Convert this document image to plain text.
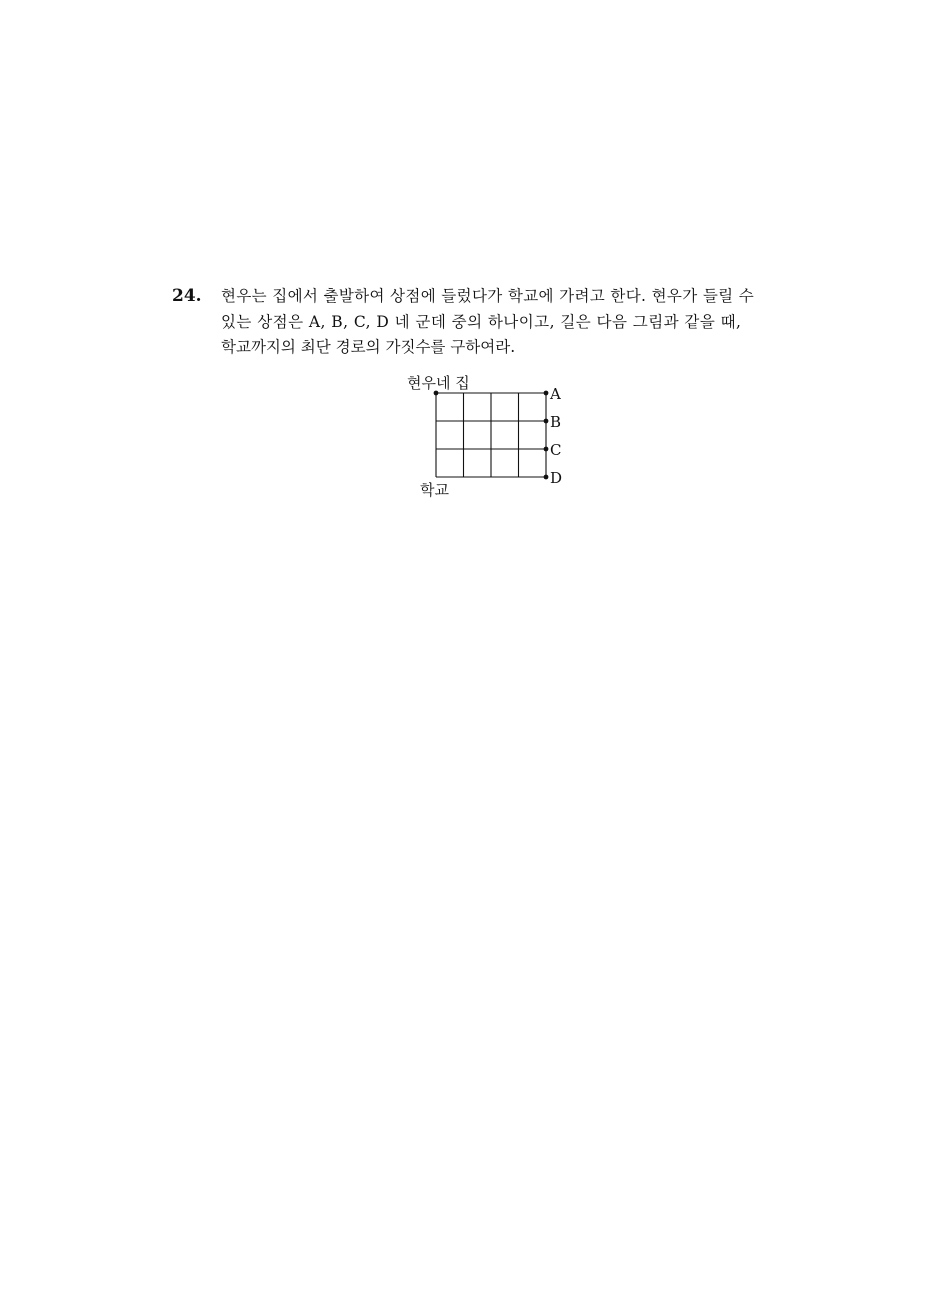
24. 현우는 집에서 출발하여 상점에 들렀다가 학교에 가려고 한다. 현우가 들릴 수
있는 상점은 A, B, C, D 네 군데 중의 하나이고, 길은 다음 그림과 같을 때,
학교까지의 최단 경로의 가짓수를 구하여라.
현우네 집
학교
A
B
C
D
